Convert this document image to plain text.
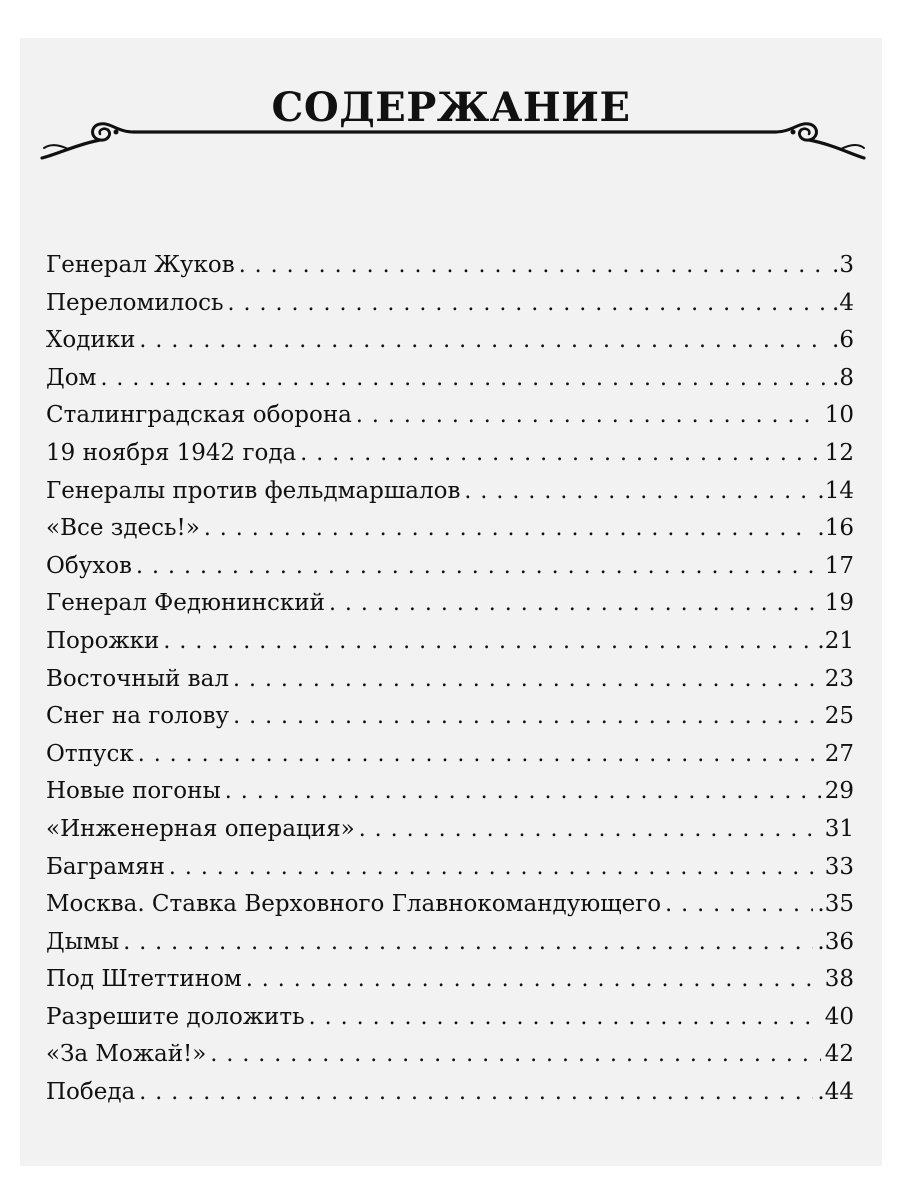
СОДЕРЖАНИЕ
Генерал Жуков . . .	.3
Переломилось . . .	.4
Ходики . . .	.6
Дом . . .	.8
Сталинградская оборона . . .	10
19 ноября 1942 года . . .	12
Генералы против фельдмаршалов . . .	.14
«Все здесь!» . . .	.16
Обухов . . .	17
Генерал Федюнинский . . .	19
Порожки . . .	.21
Восточный вал . . .	23
Снег на голову . . .	25
Отпуск . . .	27
Новые погоны . . .	29
«Инженерная операция» . . .	31
Баграмян . . .	33
Москва. Ставка Верховного Главнокомандующего . . .	.35
Дымы . . .	.36
Под Штеттином . . .	38
Разрешите доложить . . .	40
«За Можай!» . . .	42
Победа . . .	.44
